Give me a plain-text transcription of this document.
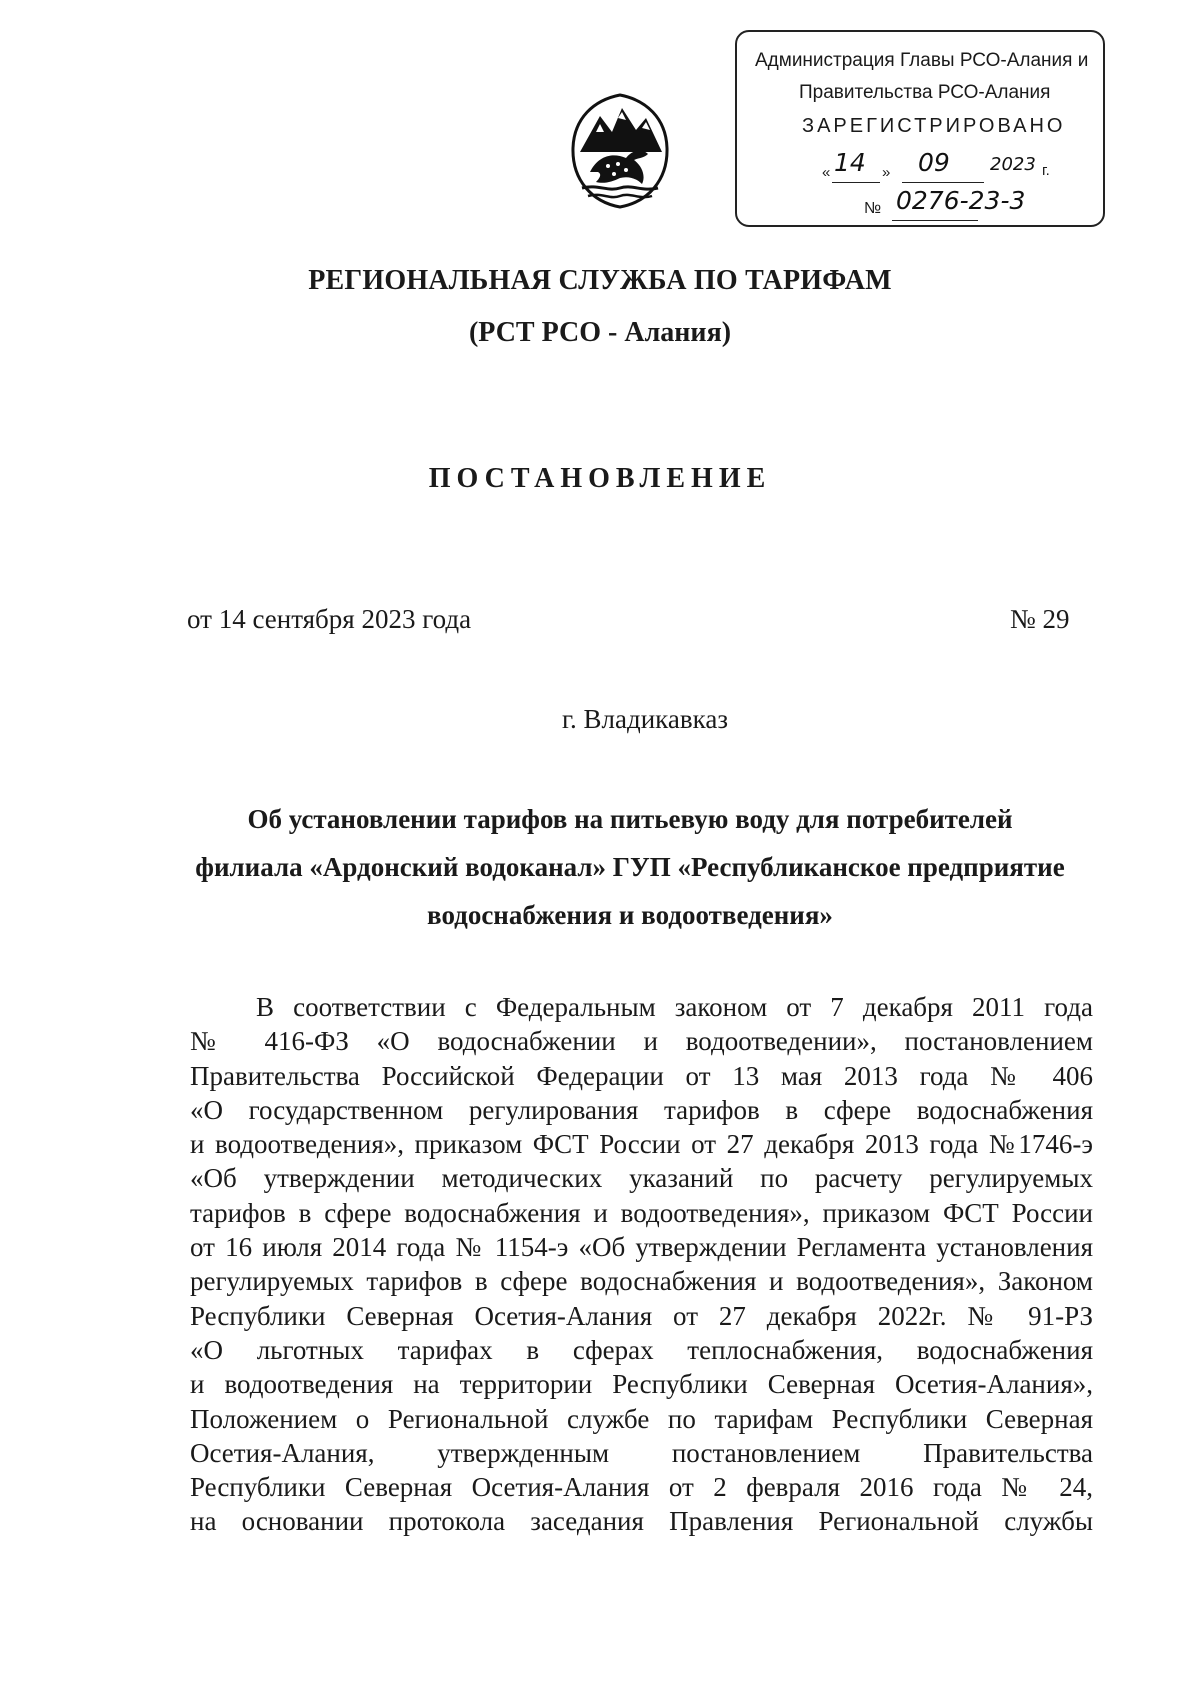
Администрация Главы РСО-Алания и
Правительства РСО-Алания
ЗАРЕГИСТРИРОВАНО
« 14 » 09 2023 г.
№ 0276-23-3
РЕГИОНАЛЬНАЯ СЛУЖБА ПО ТАРИФАМ
(РСТ РСО - Алания)
ПОСТАНОВЛЕНИЕ
от 14 сентября 2023 года	№ 29
г. Владикавказ
Об установлении тарифов на питьевую воду для потребителей
филиала «Ардонский водоканал» ГУП «Республиканское предприятие
водоснабжения и водоотведения»
В соответствии с Федеральным законом от 7 декабря 2011 года
№ 416-ФЗ «О водоснабжении и водоотведении», постановлением
Правительства Российской Федерации от 13 мая 2013 года № 406
«О государственном регулирования тарифов в сфере водоснабжения
и водоотведения», приказом ФСТ России от 27 декабря 2013 года №1746-э
«Об утверждении методических указаний по расчету регулируемых
тарифов в сфере водоснабжения и водоотведения», приказом ФСТ России
от 16 июля 2014 года № 1154-э «Об утверждении Регламента установления
регулируемых тарифов в сфере водоснабжения и водоотведения», Законом
Республики Северная Осетия-Алания от 27 декабря 2022г. № 91-РЗ
«О льготных тарифах в сферах теплоснабжения, водоснабжения
и водоотведения на территории Республики Северная Осетия-Алания»,
Положением о Региональной службе по тарифам Республики Северная
Осетия-Алания, утвержденным постановлением Правительства
Республики Северная Осетия-Алания от 2 февраля 2016 года № 24,
на основании протокола заседания Правления Региональной службы
